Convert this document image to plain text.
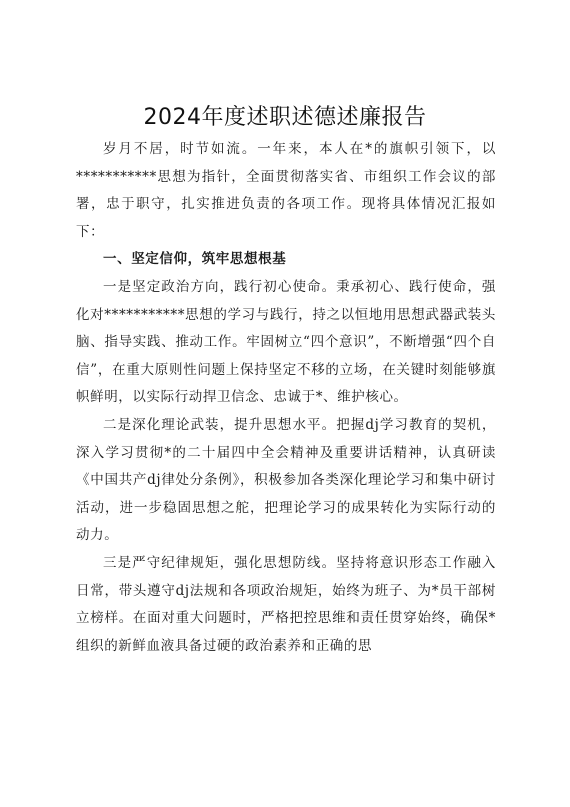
2024年度述职述德述廉报告

岁月不居，时节如流。一年来，本人在*的旗帜引领下，以***********思想为指针，全面贯彻落实省、市组织工作会议的部署，忠于职守，扎实推进负责的各项工作。现将具体情况汇报如下：

一、坚定信仰，筑牢思想根基

一是坚定政治方向，践行初心使命。秉承初心、践行使命，强化对***********思想的学习与践行，持之以恒地用思想武器武装头脑、指导实践、推动工作。牢固树立“四个意识”，不断增强“四个自信”，在重大原则性问题上保持坚定不移的立场，在关键时刻能够旗帜鲜明，以实际行动捍卫信念、忠诚于*、维护核心。

二是深化理论武装，提升思想水平。把握dj学习教育的契机，深入学习贯彻*的二十届四中全会精神及重要讲话精神，认真研读《中国共产dj律处分条例》，积极参加各类深化理论学习和集中研讨活动，进一步稳固思想之舵，把理论学习的成果转化为实际行动的动力。

三是严守纪律规矩，强化思想防线。坚持将意识形态工作融入日常，带头遵守dj法规和各项政治规矩，始终为班子、为*员干部树立榜样。在面对重大问题时，严格把控思维和责任贯穿始终，确保*组织的新鲜血液具备过硬的政治素养和正确的思
